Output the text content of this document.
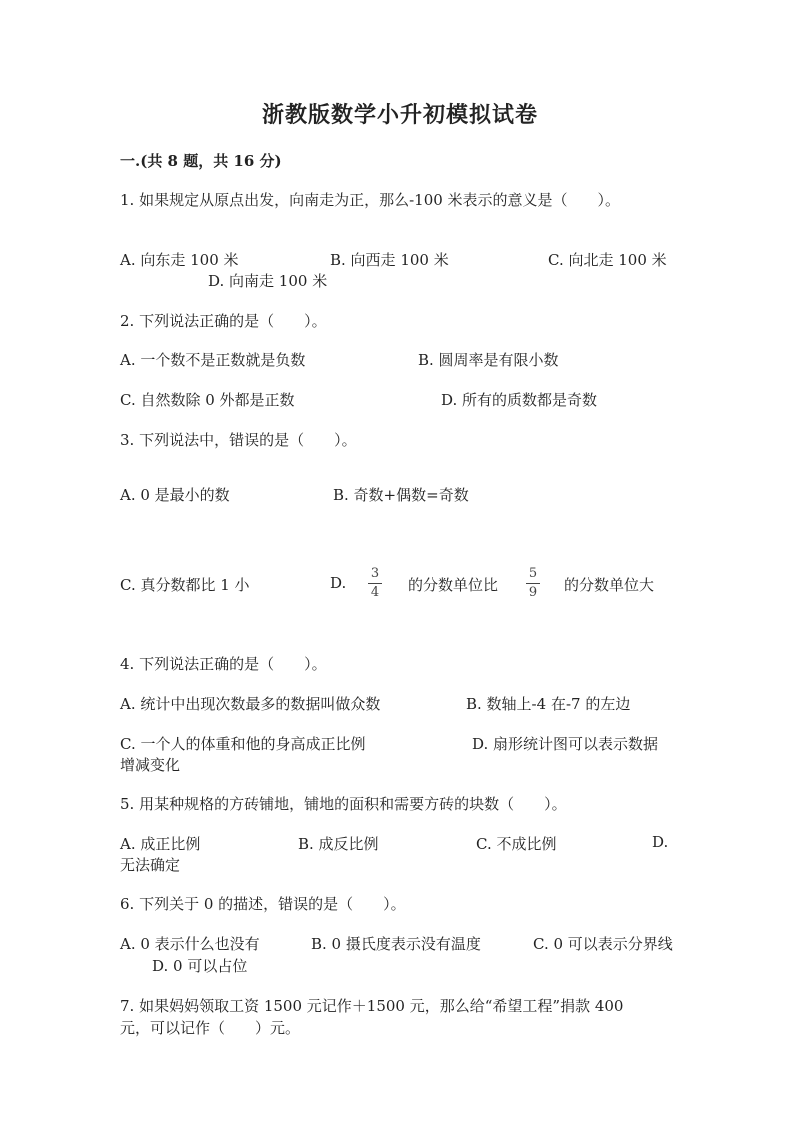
浙教版数学小升初模拟试卷
一.(共 8 题，共 16 分)
1. 如果规定从原点出发，向南走为正，那么-100 米表示的意义是（　　）。
A. 向东走 100 米	B. 向西走 100 米	C. 向北走 100 米
D. 向南走 100 米
2. 下列说法正确的是（　　）。
A. 一个数不是正数就是负数	B. 圆周率是有限小数
C. 自然数除 0 外都是正数	D. 所有的质数都是奇数
3. 下列说法中，错误的是（　　）。
A. 0 是最小的数	B. 奇数+偶数=奇数
C. 真分数都比 1 小	D.
3
4 的分数单位比
5
9 的分数单位大
4. 下列说法正确的是（　　）。
A. 统计中出现次数最多的数据叫做众数	B. 数轴上-4 在-7 的左边
C. 一个人的体重和他的身高成正比例	D. 扇形统计图可以表示数据
增减变化
5. 用某种规格的方砖铺地，铺地的面积和需要方砖的块数（　　）。
A. 成正比例	B. 成反比例	C. 不成比例	D.
无法确定
6. 下列关于 0 的描述，错误的是（　　）。
A. 0 表示什么也没有	B. 0 摄氏度表示没有温度	C. 0 可以表示分界线
D. 0 可以占位
7. 如果妈妈领取工资 1500 元记作＋1500 元，那么给“希望工程”捐款 400
元，可以记作（　　）元。
